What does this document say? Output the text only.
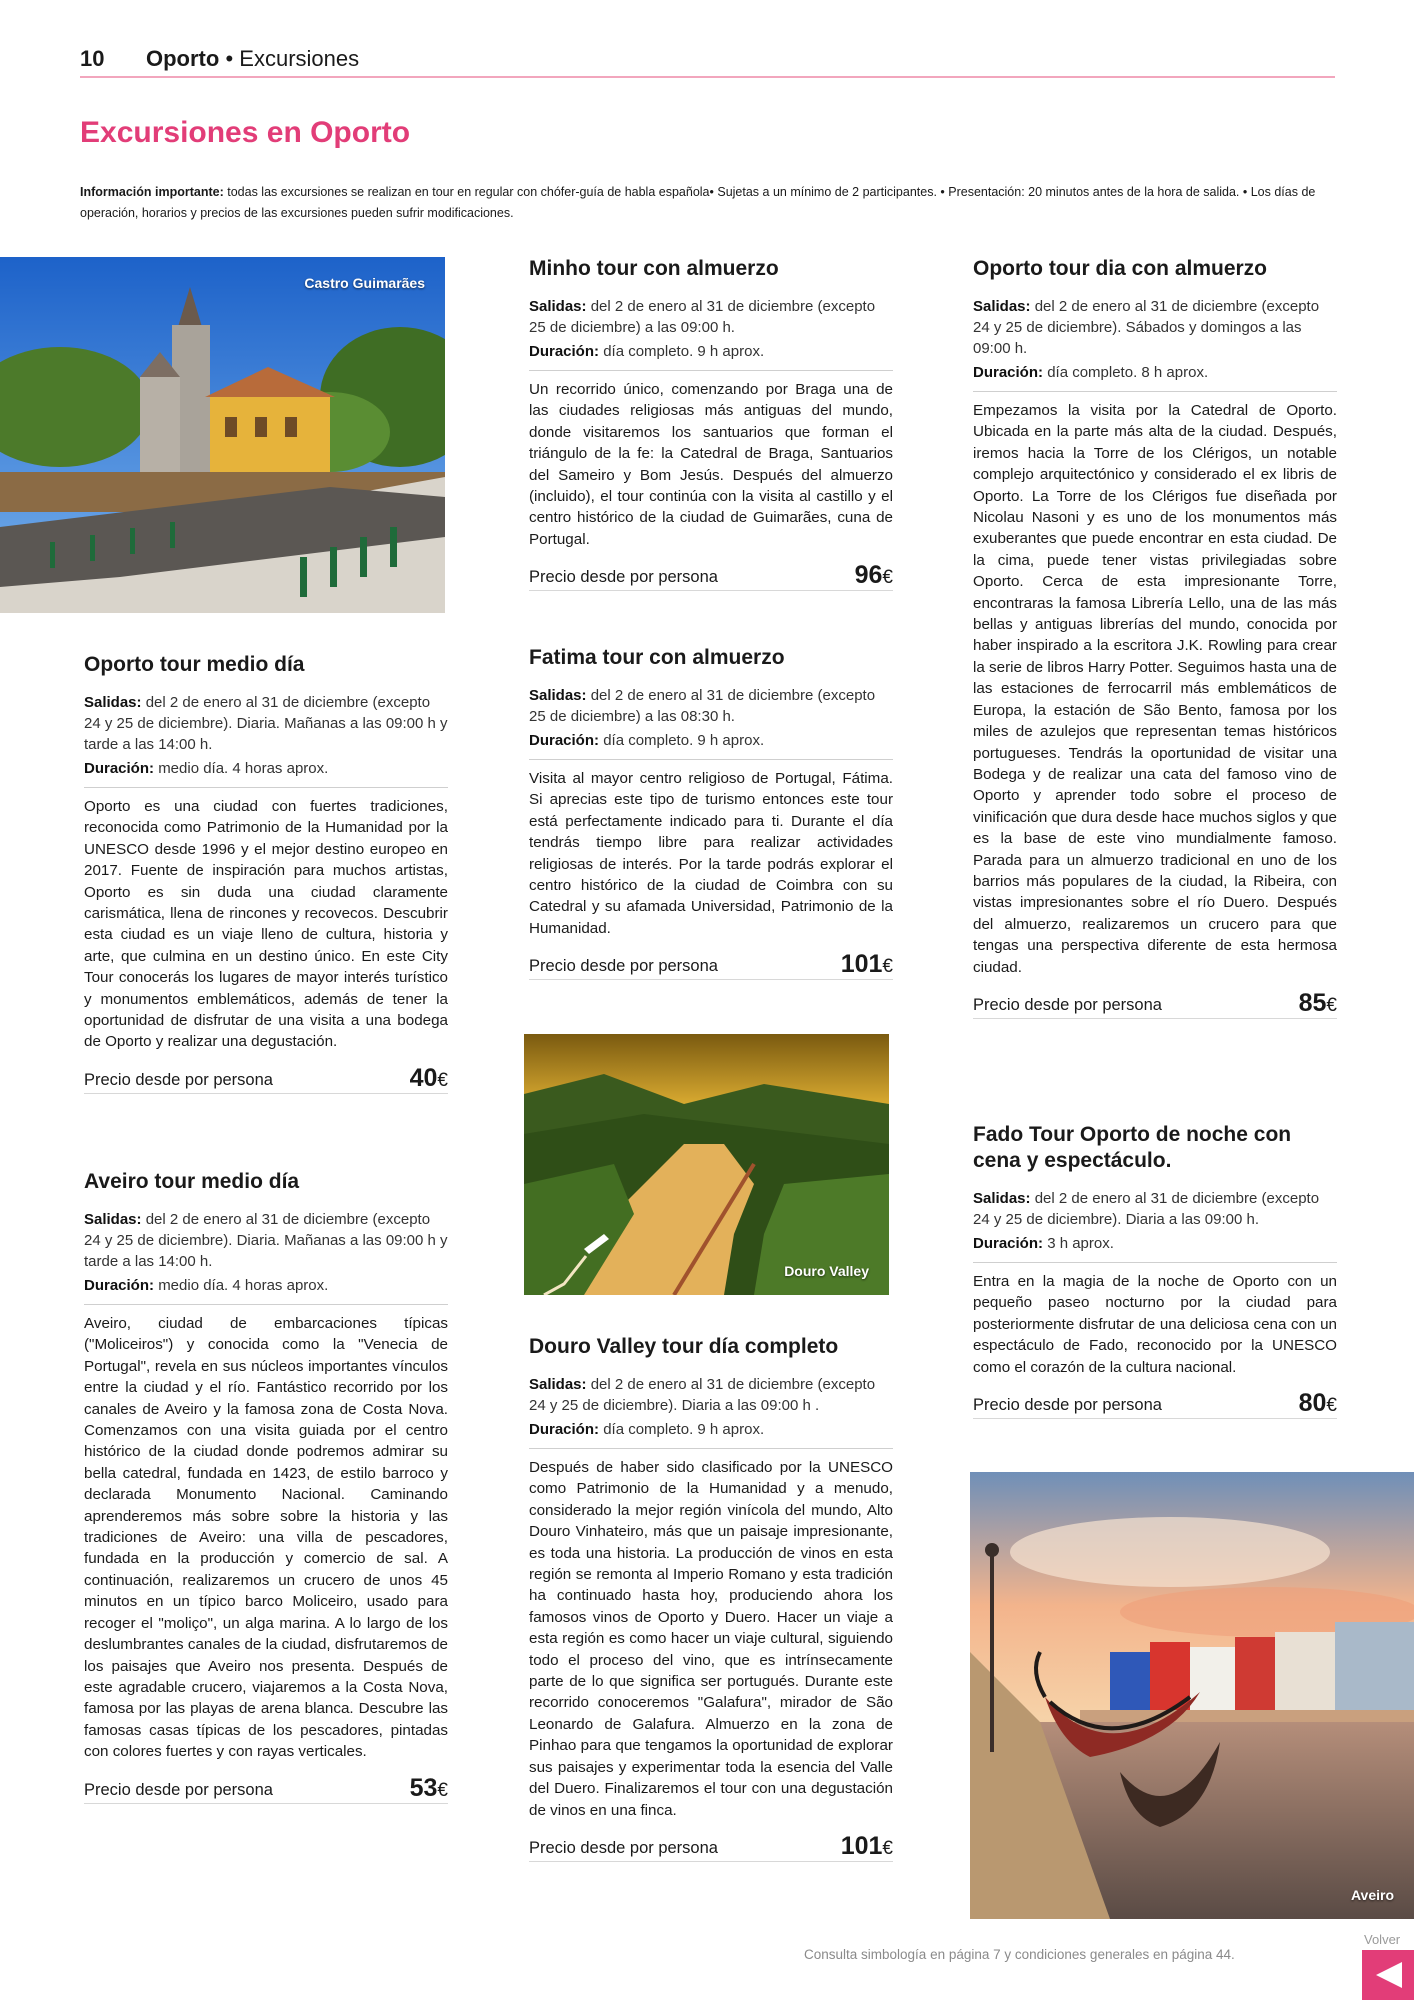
10 Oporto • Excursiones
Excursiones en Oporto

Información importante: todas las excursiones se realizan en tour en regular con chófer-guía de habla española• Sujetas a un mínimo de 2 participantes. • Presentación: 20 minutos antes de la hora de salida. • Los días de operación, horarios y precios de las excursiones pueden sufrir modificaciones.

Castro Guimarães
Oporto tour medio día

Salidas: del 2 de enero al 31 de diciembre (excepto 24 y 25 de diciembre). Diaria. Mañanas a las 09:00 h y tarde a las 14:00 h.

Duración: medio día. 4 horas aprox.

Oporto es una ciudad con fuertes tradiciones, reconocida como Patrimonio de la Humanidad por la UNESCO desde 1996 y el mejor destino europeo en 2017. Fuente de inspiración para muchos artistas, Oporto es sin duda una ciudad claramente carismática, llena de rincones y recovecos. Descubrir esta ciudad es un viaje lleno de cultura, historia y arte, que culmina en un destino único. En este City Tour conocerás los lugares de mayor interés turístico y monumentos emblemáticos, además de tener la oportunidad de disfrutar de una visita a una bodega de Oporto y realizar una degustación.

Precio desde por persona	40€
Aveiro tour medio día

Salidas: del 2 de enero al 31 de diciembre (excepto 24 y 25 de diciembre). Diaria. Mañanas a las 09:00 h y tarde a las 14:00 h.

Duración: medio día. 4 horas aprox.

Aveiro, ciudad de embarcaciones típicas ("Moliceiros") y conocida como la "Venecia de Portugal", revela en sus núcleos importantes vínculos entre la ciudad y el río. Fantástico recorrido por los canales de Aveiro y la famosa zona de Costa Nova. Comenzamos con una visita guiada por el centro histórico de la ciudad donde podremos admirar su bella catedral, fundada en 1423, de estilo barroco y declarada Monumento Nacional. Caminando aprenderemos más sobre sobre la historia y las tradiciones de Aveiro: una villa de pescadores, fundada en la producción y comercio de sal. A continuación, realizaremos un crucero de unos 45 minutos en un típico barco Moliceiro, usado para recoger el "moliço", un alga marina. A lo largo de los deslumbrantes canales de la ciudad, disfrutaremos de los paisajes que Aveiro nos presenta. Después de este agradable crucero, viajaremos a la Costa Nova, famosa por las playas de arena blanca. Descubre las famosas casas típicas de los pescadores, pintadas con colores fuertes y con rayas verticales.

Precio desde por persona	53€
Minho tour con almuerzo

Salidas: del 2 de enero al 31 de diciembre (excepto 25 de diciembre) a las 09:00 h.

Duración: día completo. 9 h aprox.

Un recorrido único, comenzando por Braga una de las ciudades religiosas más antiguas del mundo, donde visitaremos los santuarios que forman el triángulo de la fe: la Catedral de Braga, Santuarios del Sameiro y Bom Jesús. Después del almuerzo (incluido), el tour continúa con la visita al castillo y el centro histórico de la ciudad de Guimarães, cuna de Portugal.

Precio desde por persona	96€
Fatima tour con almuerzo

Salidas: del 2 de enero al 31 de diciembre (excepto 25 de diciembre) a las 08:30 h.

Duración: día completo. 9 h aprox.

Visita al mayor centro religioso de Portugal, Fátima. Si aprecias este tipo de turismo entonces este tour está perfectamente indicado para ti. Durante el día tendrás tiempo libre para realizar actividades religiosas de interés. Por la tarde podrás explorar el centro histórico de la ciudad de Coimbra con su Catedral y su afamada Universidad, Patrimonio de la Humanidad.

Precio desde por persona	101€
Douro Valley
Douro Valley tour día completo

Salidas: del 2 de enero al 31 de diciembre (excepto 24 y 25 de diciembre). Diaria a las 09:00 h .

Duración: día completo. 9 h aprox.

Después de haber sido clasificado por la UNESCO como Patrimonio de la Humanidad y a menudo, considerado la mejor región vinícola del mundo, Alto Douro Vinhateiro, más que un paisaje impresionante, es toda una historia. La producción de vinos en esta región se remonta al Imperio Romano y esta tradición ha continuado hasta hoy, produciendo ahora los famosos vinos de Oporto y Duero. Hacer un viaje a esta región es como hacer un viaje cultural, siguiendo todo el proceso del vino, que es intrínsecamente parte de lo que significa ser portugués. Durante este recorrido conoceremos "Galafura", mirador de São Leonardo de Galafura. Almuerzo en la zona de Pinhao para que tengamos la oportunidad de explorar sus paisajes y experimentar toda la esencia del Valle del Duero. Finalizaremos el tour con una degustación de vinos en una finca.

Precio desde por persona	101€
Oporto tour dia con almuerzo

Salidas: del 2 de enero al 31 de diciembre (excepto 24 y 25 de diciembre). Sábados y domingos a las 09:00 h.

Duración: día completo. 8 h aprox.

Empezamos la visita por la Catedral de Oporto. Ubicada en la parte más alta de la ciudad. Después, iremos hacia la Torre de los Clérigos, un notable complejo arquitectónico y considerado el ex libris de Oporto. La Torre de los Clérigos fue diseñada por Nicolau Nasoni y es uno de los monumentos más exuberantes que puede encontrar en esta ciudad. De la cima, puede tener vistas privilegiadas sobre Oporto. Cerca de esta impresionante Torre, encontraras la famosa Librería Lello, una de las más bellas y antiguas librerías del mundo, conocida por haber inspirado a la escritora J.K. Rowling para crear la serie de libros Harry Potter. Seguimos hasta una de las estaciones de ferrocarril más emblemáticos de Europa, la estación de São Bento, famosa por los miles de azulejos que representan temas históricos portugueses. Tendrás la oportunidad de visitar una Bodega y de realizar una cata del famoso vino de Oporto y aprender todo sobre el proceso de vinificación que dura desde hace muchos siglos y que es la base de este vino mundialmente famoso. Parada para un almuerzo tradicional en uno de los barrios más populares de la ciudad, la Ribeira, con vistas impresionantes sobre el río Duero. Después del almuerzo, realizaremos un crucero para que tengas una perspectiva diferente de esta hermosa ciudad.

Precio desde por persona	85€
Fado Tour Oporto de noche con cena y espectáculo.

Salidas: del 2 de enero al 31 de diciembre (excepto 24 y 25 de diciembre). Diaria a las 09:00 h.

Duración: 3 h aprox.

Entra en la magia de la noche de Oporto con un pequeño paseo nocturno por la ciudad para posteriormente disfrutar de una deliciosa cena con un espectáculo de Fado, reconocido por la UNESCO como el corazón de la cultura nacional.

Precio desde por persona	80€
Aveiro
Consulta simbología en página 7 y condiciones generales en página 44.
Volver
